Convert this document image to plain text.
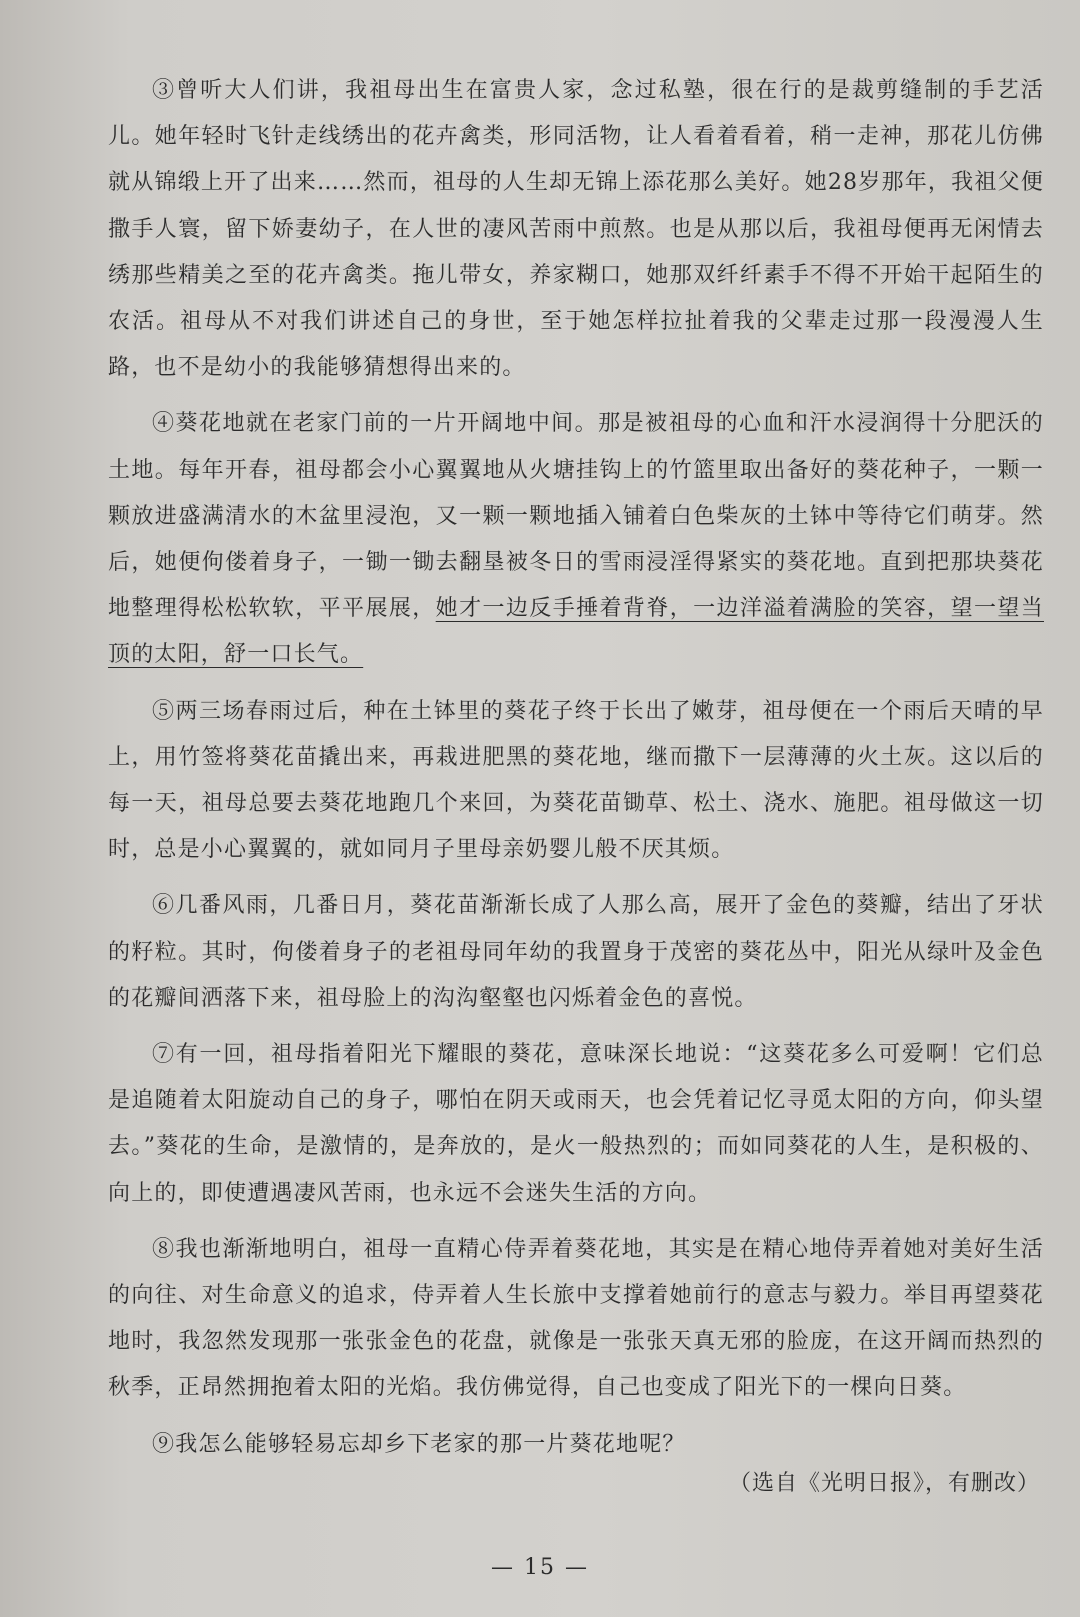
③曾听大人们讲，我祖母出生在富贵人家，念过私塾，很在行的是裁剪缝制的手艺活儿。她年轻时飞针走线绣出的花卉禽类，形同活物，让人看着看着，稍一走神，那花儿仿佛就从锦缎上开了出来……然而，祖母的人生却无锦上添花那么美好。她28岁那年，我祖父便撒手人寰，留下娇妻幼子，在人世的凄风苦雨中煎熬。也是从那以后，我祖母便再无闲情去绣那些精美之至的花卉禽类。拖儿带女，养家糊口，她那双纤纤素手不得不开始干起陌生的农活。祖母从不对我们讲述自己的身世，至于她怎样拉扯着我的父辈走过那一段漫漫人生路，也不是幼小的我能够猜想得出来的。

④葵花地就在老家门前的一片开阔地中间。那是被祖母的心血和汗水浸润得十分肥沃的土地。每年开春，祖母都会小心翼翼地从火塘挂钩上的竹篮里取出备好的葵花种子，一颗一颗放进盛满清水的木盆里浸泡，又一颗一颗地插入铺着白色柴灰的土钵中等待它们萌芽。然后，她便佝偻着身子，一锄一锄去翻垦被冬日的雪雨浸淫得紧实的葵花地。直到把那块葵花地整理得松松软软，平平展展，她才一边反手捶着背脊，一边洋溢着满脸的笑容，望一望当顶的太阳，舒一口长气。

⑤两三场春雨过后，种在土钵里的葵花子终于长出了嫩芽，祖母便在一个雨后天晴的早上，用竹签将葵花苗撬出来，再栽进肥黑的葵花地，继而撒下一层薄薄的火土灰。这以后的每一天，祖母总要去葵花地跑几个来回，为葵花苗锄草、松土、浇水、施肥。祖母做这一切时，总是小心翼翼的，就如同月子里母亲奶婴儿般不厌其烦。

⑥几番风雨，几番日月，葵花苗渐渐长成了人那么高，展开了金色的葵瓣，结出了牙状的籽粒。其时，佝偻着身子的老祖母同年幼的我置身于茂密的葵花丛中，阳光从绿叶及金色的花瓣间洒落下来，祖母脸上的沟沟壑壑也闪烁着金色的喜悦。

⑦有一回，祖母指着阳光下耀眼的葵花，意味深长地说：“这葵花多么可爱啊！它们总是追随着太阳旋动自己的身子，哪怕在阴天或雨天，也会凭着记忆寻觅太阳的方向，仰头望去。”葵花的生命，是激情的，是奔放的，是火一般热烈的；而如同葵花的人生，是积极的、向上的，即使遭遇凄风苦雨，也永远不会迷失生活的方向。

⑧我也渐渐地明白，祖母一直精心侍弄着葵花地，其实是在精心地侍弄着她对美好生活的向往、对生命意义的追求，侍弄着人生长旅中支撑着她前行的意志与毅力。举目再望葵花地时，我忽然发现那一张张金色的花盘，就像是一张张天真无邪的脸庞，在这开阔而热烈的秋季，正昂然拥抱着太阳的光焰。我仿佛觉得，自己也变成了阳光下的一棵向日葵。

⑨我怎么能够轻易忘却乡下老家的那一片葵花地呢？

（选自《光明日报》，有删改）
— 15 —
